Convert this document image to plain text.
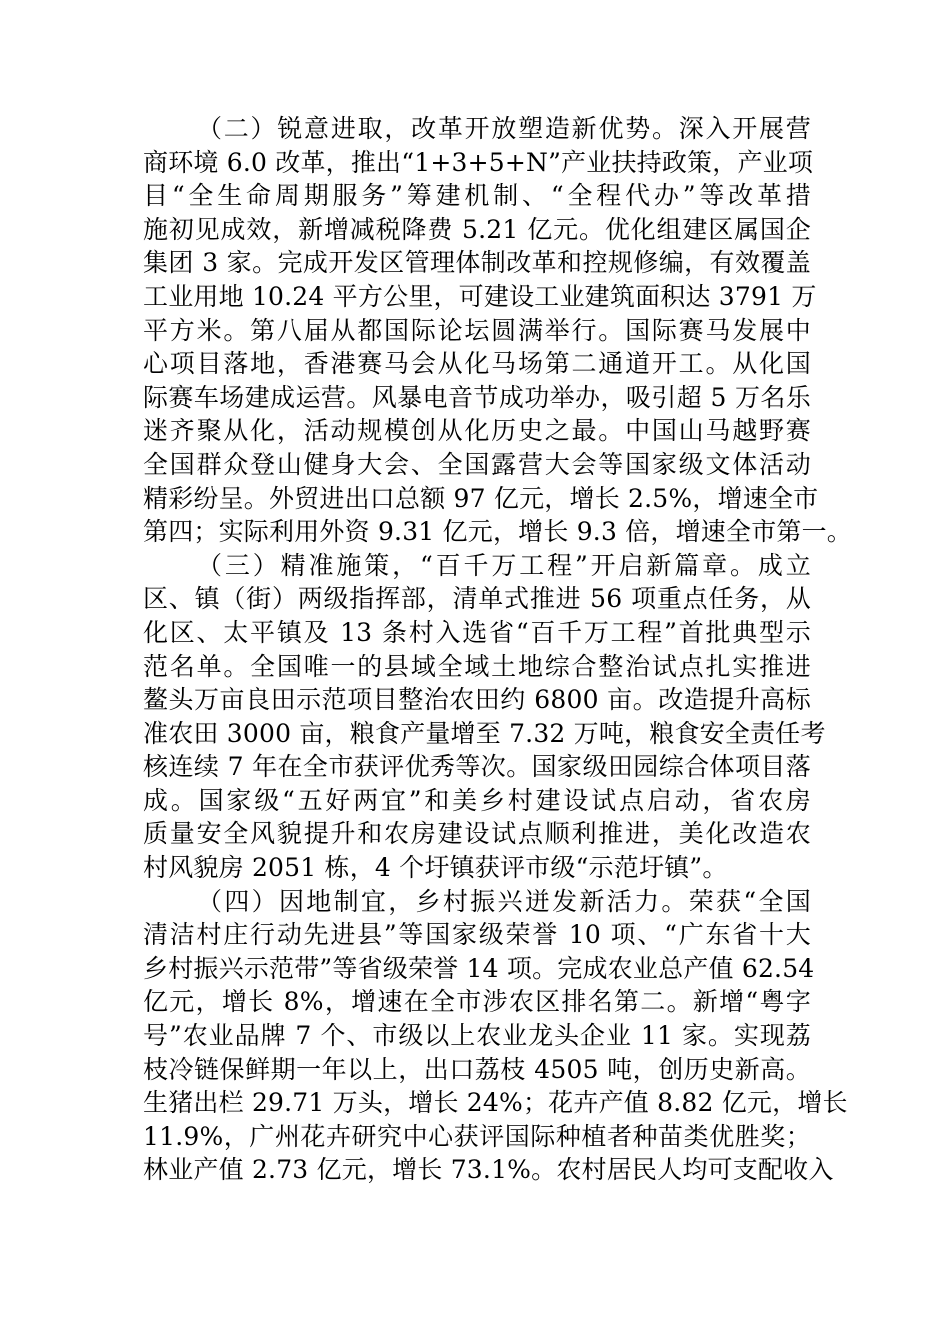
（二）锐意进取，改革开放塑造新优势。深入开展营
商环境 6.0 改革，推出“1+3+5+N”产业扶持政策，产业项
目“全生命周期服务”筹建机制、“全程代办”等改革措
施初见成效，新增减税降费 5.21 亿元。优化组建区属国企
集团 3 家。完成开发区管理体制改革和控规修编，有效覆盖
工业用地 10.24 平方公里，可建设工业建筑面积达 3791 万
平方米。第八届从都国际论坛圆满举行。国际赛马发展中
心项目落地，香港赛马会从化马场第二通道开工。从化国
际赛车场建成运营。风暴电音节成功举办，吸引超 5 万名乐
迷齐聚从化，活动规模创从化历史之最。中国山马越野赛
全国群众登山健身大会、全国露营大会等国家级文体活动
精彩纷呈。外贸进出口总额 97 亿元，增长 2.5%，增速全市
第四；实际利用外资 9.31 亿元，增长 9.3 倍，增速全市第一。
（三）精准施策，“百千万工程”开启新篇章。成立
区、镇（街）两级指挥部，清单式推进 56 项重点任务，从
化区、太平镇及 13 条村入选省“百千万工程”首批典型示
范名单。全国唯一的县域全域土地综合整治试点扎实推进
鳌头万亩良田示范项目整治农田约 6800 亩。改造提升高标
准农田 3000 亩，粮食产量增至 7.32 万吨，粮食安全责任考
核连续 7 年在全市获评优秀等次。国家级田园综合体项目落
成。国家级“五好两宜”和美乡村建设试点启动，省农房
质量安全风貌提升和农房建设试点顺利推进，美化改造农
村风貌房 2051 栋，4 个圩镇获评市级“示范圩镇”。
（四）因地制宜，乡村振兴迸发新活力。荣获“全国
清洁村庄行动先进县”等国家级荣誉 10 项、“广东省十大
乡村振兴示范带”等省级荣誉 14 项。完成农业总产值 62.54
亿元，增长 8%，增速在全市涉农区排名第二。新增“粤字
号”农业品牌 7 个、市级以上农业龙头企业 11 家。实现荔
枝冷链保鲜期一年以上，出口荔枝 4505 吨，创历史新高。
生猪出栏 29.71 万头，增长 24%；花卉产值 8.82 亿元，增长
11.9%，广州花卉研究中心获评国际种植者种苗类优胜奖；
林业产值 2.73 亿元，增长 73.1%。农村居民人均可支配收入
